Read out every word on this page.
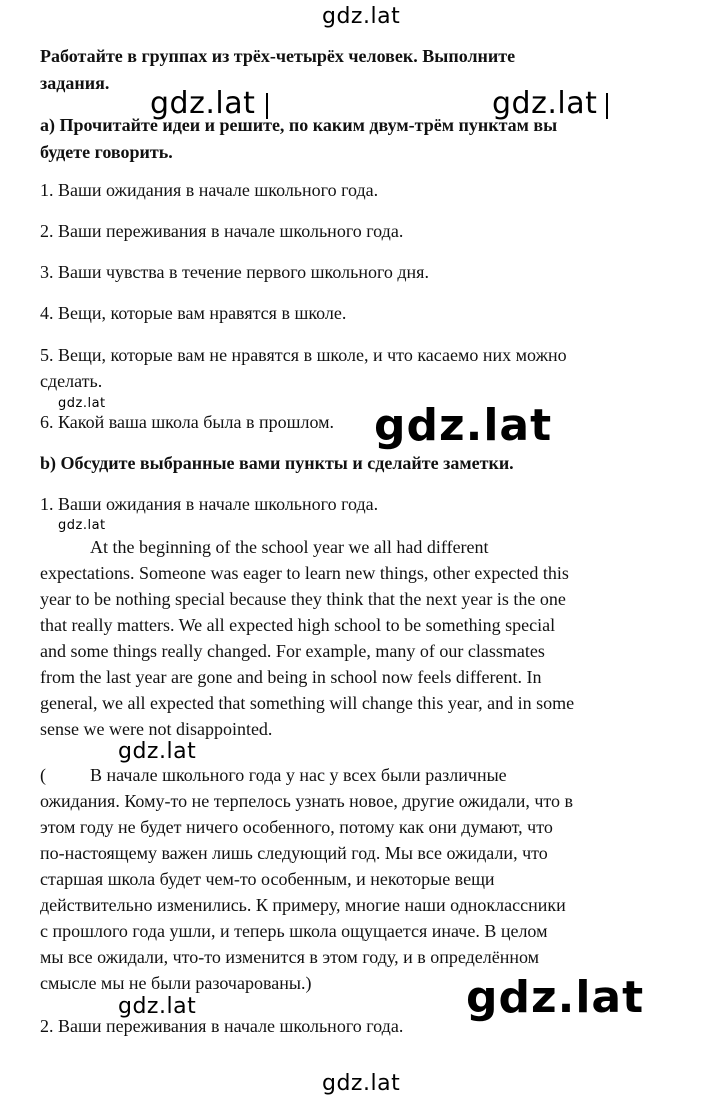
gdz.lat
gdz.lat	gdz.lat
gdz.lat	gdz.lat
gdz.lat
gdz.lat
gdz.lat
gdz.lat
gdz.lat
Работайте в группах из трёх-четырёх человек. Выполните
задания.
а) Прочитайте идеи и решите, по каким двум-трём пунктам вы
будете говорить.
1. Ваши ожидания в начале школьного года.
2. Ваши переживания в начале школьного года.
3. Ваши чувства в течение первого школьного дня.
4. Вещи, которые вам нравятся в школе.
5. Вещи, которые вам не нравятся в школе, и что касаемо них можно
сделать.
6. Какой ваша школа была в прошлом.
b) Обсудите выбранные вами пункты и сделайте заметки.
1. Ваши ожидания в начале школьного года.
At the beginning of the school year we all had different
expectations. Someone was eager to learn new things, other expected this
year to be nothing special because they think that the next year is the one
that really matters. We all expected high school to be something special
and some things really changed. For example, many of our classmates
from the last year are gone and being in school now feels different. In
general, we all expected that something will change this year, and in some
sense we were not disappointed.
( В начале школьного года у нас у всех были различные
ожидания. Кому-то не терпелось узнать новое, другие ожидали, что в
этом году не будет ничего особенного, потому как они думают, что
по-настоящему важен лишь следующий год. Мы все ожидали, что
старшая школа будет чем-то особенным, и некоторые вещи
действительно изменились. К примеру, многие наши одноклассники
с прошлого года ушли, и теперь школа ощущается иначе. В целом
мы все ожидали, что-то изменится в этом году, и в определённом
смысле мы не были разочарованы.)
2. Ваши переживания в начале школьного года.
